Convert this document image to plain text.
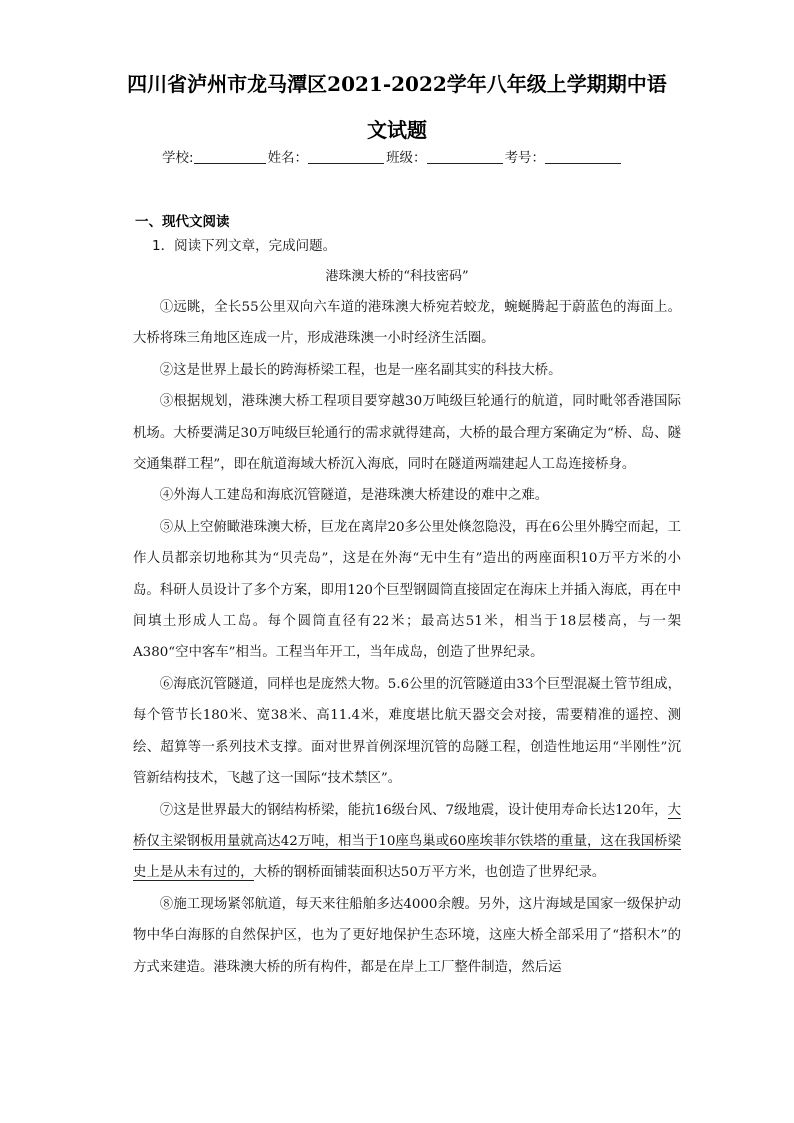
四川省泸州市龙马潭区2021-2022学年八年级上学期期中语
文试题
学校:	姓名：	班级：	考号：
一、现代文阅读
1．阅读下列文章，完成问题。
港珠澳大桥的“科技密码”

①远眺，全长55公里双向六车道的港珠澳大桥宛若蛟龙，蜿蜒腾起于蔚蓝色的海面上。大桥将珠三角地区连成一片，形成港珠澳一小时经济生活圈。

②这是世界上最长的跨海桥梁工程，也是一座名副其实的科技大桥。

③根据规划，港珠澳大桥工程项目要穿越30万吨级巨轮通行的航道，同时毗邻香港国际机场。大桥要满足30万吨级巨轮通行的需求就得建高，大桥的最合理方案确定为“桥、岛、隧交通集群工程”，即在航道海域大桥沉入海底，同时在隧道两端建起人工岛连接桥身。

④外海人工建岛和海底沉管隧道，是港珠澳大桥建设的难中之难。

⑤从上空俯瞰港珠澳大桥，巨龙在离岸20多公里处倏忽隐没，再在6公里外腾空而起，工作人员都亲切地称其为“贝壳岛”，这是在外海“无中生有”造出的两座面积10万平方米的小岛。科研人员设计了多个方案，即用120个巨型钢圆筒直接固定在海床上并插入海底，再在中间填土形成人工岛。每个圆筒直径有22米；最高达51米，相当于18层楼高，与一架A380“空中客车”相当。工程当年开工，当年成岛，创造了世界纪录。

⑥海底沉管隧道，同样也是庞然大物。5.6公里的沉管隧道由33个巨型混凝土管节组成，每个管节长180米、宽38米、高11.4米，难度堪比航天器交会对接，需要精准的遥控、测绘、超算等一系列技术支撑。面对世界首例深埋沉管的岛隧工程，创造性地运用“半刚性”沉管新结构技术，飞越了这一国际“技术禁区”。

⑦这是世界最大的钢结构桥梁，能抗16级台风、7级地震，设计使用寿命长达120年，大桥仅主梁钢板用量就高达42万吨，相当于10座鸟巢或60座埃菲尔铁塔的重量，这在我国桥梁史上是从未有过的，大桥的钢桥面铺装面积达50万平方米，也创造了世界纪录。

⑧施工现场紧邻航道，每天来往船舶多达4000余艘。另外，这片海域是国家一级保护动物中华白海豚的自然保护区，也为了更好地保护生态环境，这座大桥全部采用了“搭积木”的方式来建造。港珠澳大桥的所有构件，都是在岸上工厂整件制造，然后运
